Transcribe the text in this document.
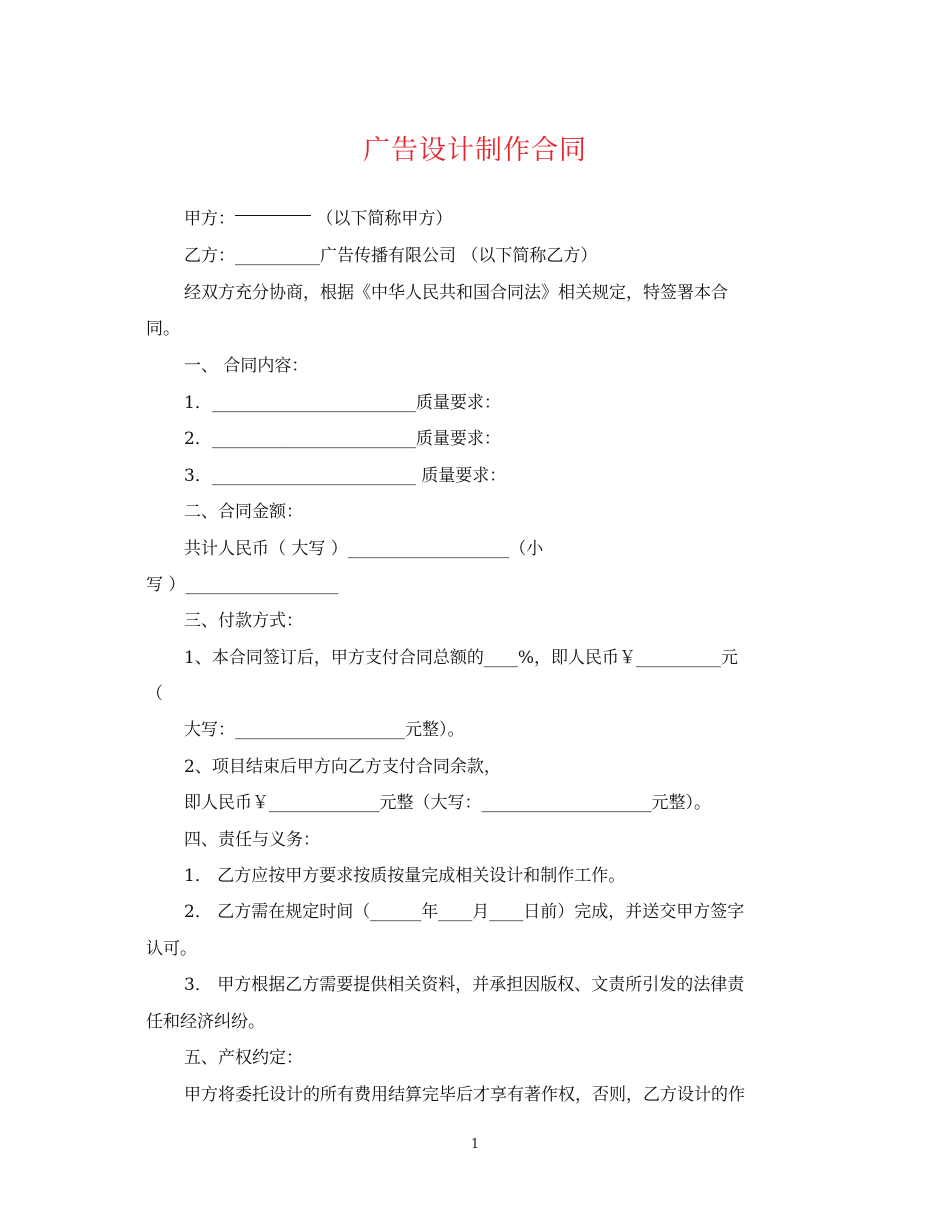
广告设计制作合同
甲方：	（以下简称甲方）
乙方：__________广告传播有限公司 （以下简称乙方）
经双方充分协商，根据《中华人民共和国合同法》相关规定，特签署本合
同。
一、 合同内容：
1．________________________质量要求：
2．________________________质量要求：
3．________________________ 质量要求：
二、合同金额：
共计人民币（ 大写 ）___________________（小
写 ）__________________
三、付款方式：
1、本合同签订后，甲方支付合同总额的____%，即人民币￥__________元
（
大写：____________________元整）。
2、项目结束后甲方向乙方支付合同余款，
即人民币￥_____________元整（大写：____________________元整）。
四、责任与义务：
1． 乙方应按甲方要求按质按量完成相关设计和制作工作。
2． 乙方需在规定时间（______年____月____日前）完成，并送交甲方签字
认可。
3． 甲方根据乙方需要提供相关资料，并承担因版权、文责所引发的法律责
任和经济纠纷。
五、产权约定：
甲方将委托设计的所有费用结算完毕后才享有著作权，否则，乙方设计的作
1
